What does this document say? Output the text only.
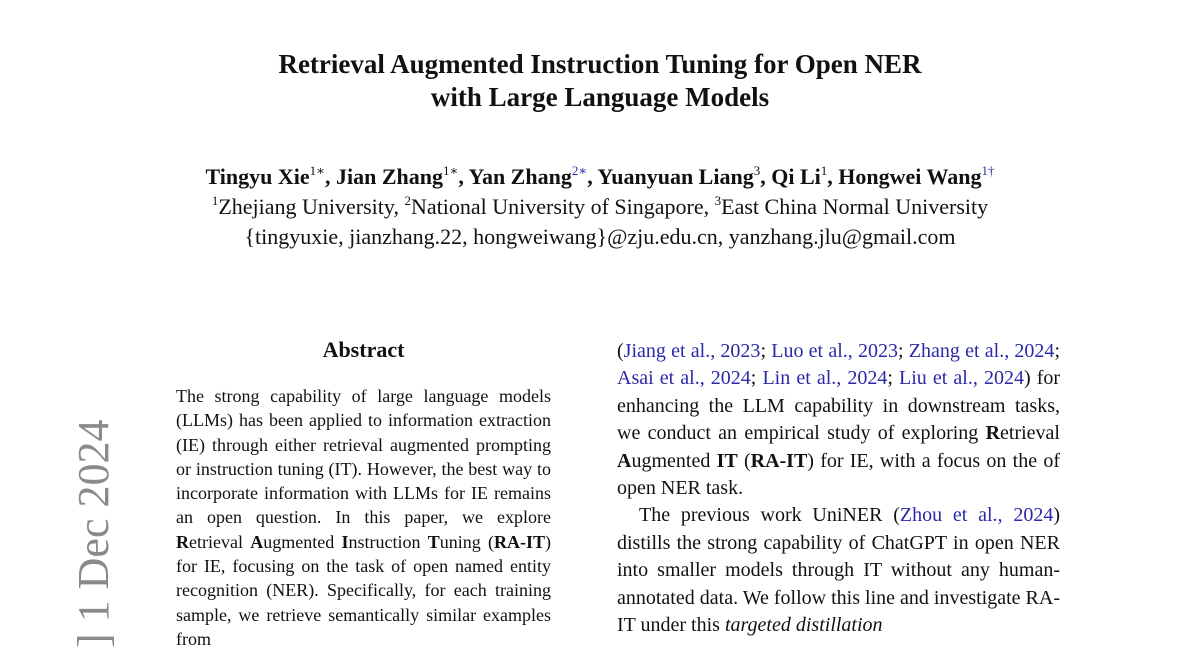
Retrieval Augmented Instruction Tuning for Open NER
with Large Language Models
Tingyu Xie$^{1∗}$, Jian Zhang$^{1∗}$, Yan Zhang$^{2∗}$, Yuanyuan Liang$^3$, Qi Li$^1$, Hongwei Wang$^{1\dagger}$
$^1$Zhejiang University, $^2$National University of Singapore, $^3$East China Normal University
{tingyuxie, jianzhang.22, hongweiwang}@zju.edu.cn, yanzhang.jlu@gmail.com
] 1 Dec 2024
Abstract

The strong capability of large language models (LLMs) has been applied to information extraction (IE) through either retrieval augmented prompting or instruction tuning (IT). However, the best way to incorporate information with LLMs for IE remains an open question. In this paper, we explore Retrieval Augmented Instruction Tuning (RA-IT) for IE, focusing on the task of open named entity recognition (NER). Specifically, for each training sample, we retrieve semantically similar examples from

(Jiang et al., 2023; Luo et al., 2023; Zhang et al., 2024; Asai et al., 2024; Lin et al., 2024; Liu et al., 2024) for enhancing the LLM capability in downstream tasks, we conduct an empirical study of exploring Retrieval Augmented IT (RA-IT) for IE, with a focus on the of open NER task.

The previous work UniNER (Zhou et al., 2024) distills the strong capability of ChatGPT in open NER into smaller models through IT without any human-annotated data. We follow this line and investigate RA-IT under this targeted distillation
